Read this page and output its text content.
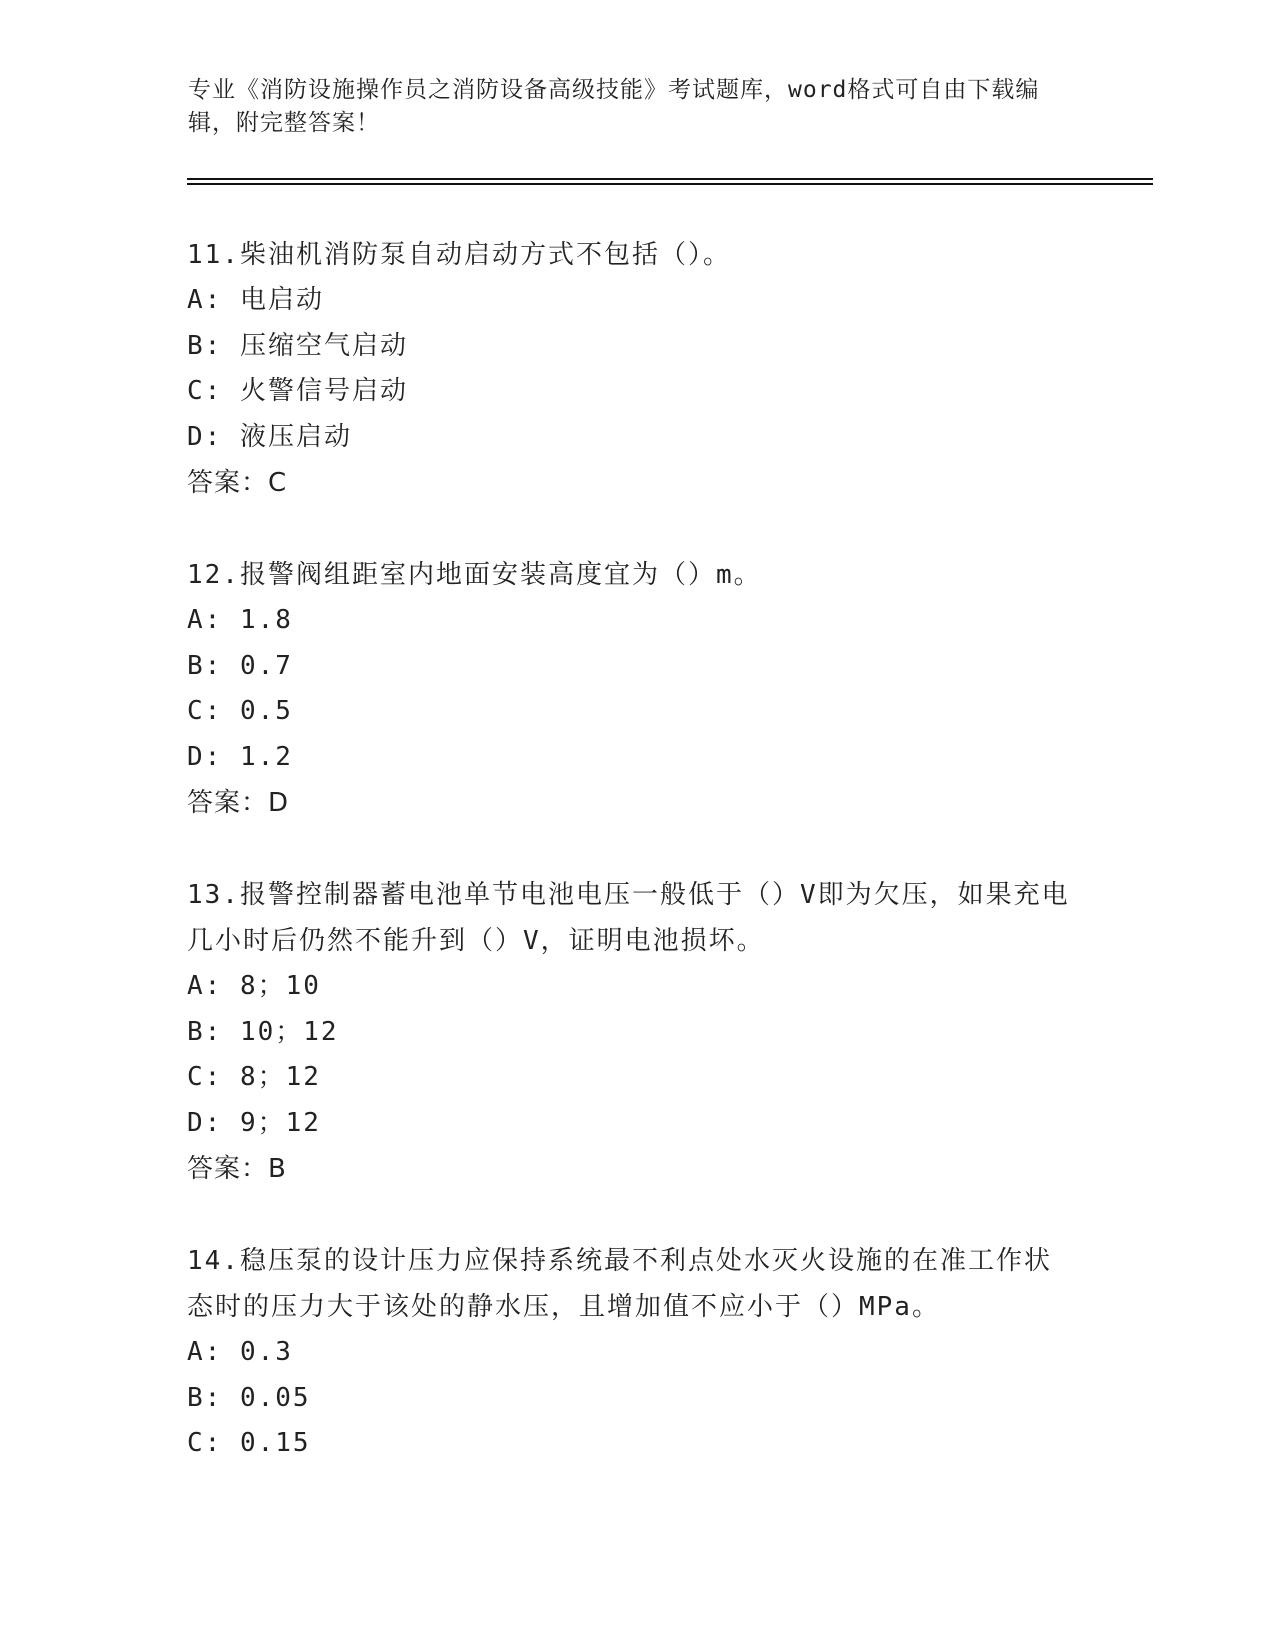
专业《消防设施操作员之消防设备高级技能》考试题库，word格式可自由下载编辑，附完整答案！

11.柴油机消防泵自动启动方式不包括（）。

A: 电启动

B: 压缩空气启动

C: 火警信号启动

D: 液压启动

答案：C

12.报警阀组距室内地面安装高度宜为（）m。

A: 1.8

B: 0.7

C: 0.5

D: 1.2

答案：D

13.报警控制器蓄电池单节电池电压一般低于（）V即为欠压，如果充电几小时后仍然不能升到（）V，证明电池损坏。

A: 8；10

B: 10；12

C: 8；12

D: 9；12

答案：B

14.稳压泵的设计压力应保持系统最不利点处水灭火设施的在准工作状态时的压力大于该处的静水压，且增加值不应小于（）MPa。

A: 0.3

B: 0.05

C: 0.15
